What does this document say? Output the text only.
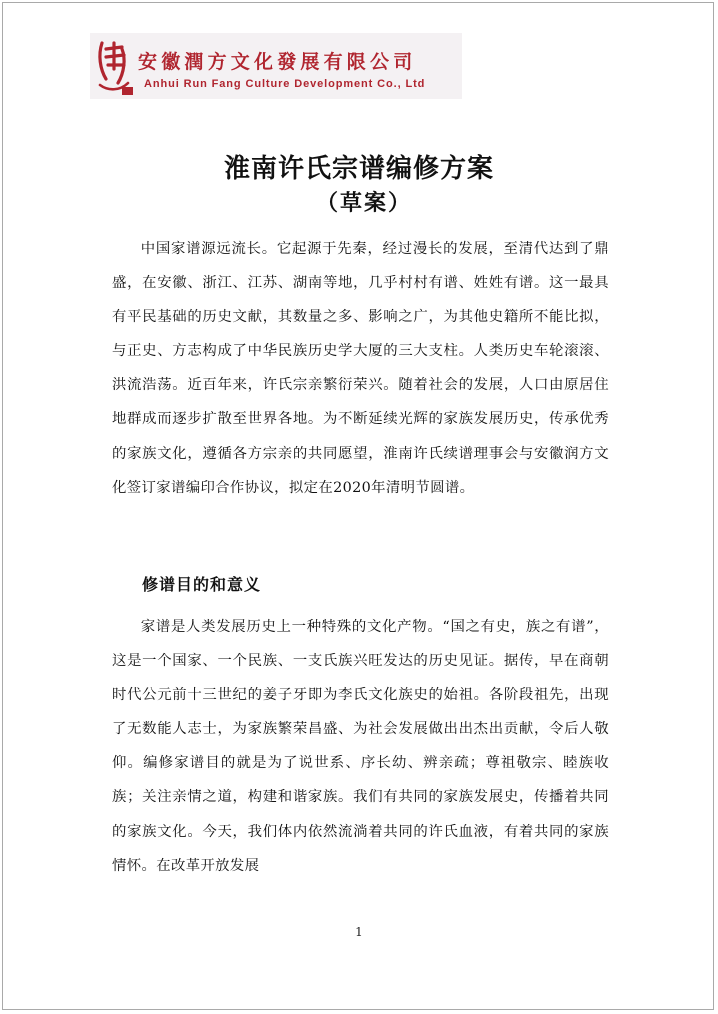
安徽潤方文化發展有限公司
Anhui Run Fang Culture Development Co., Ltd
淮南许氏宗谱编修方案
（草案）
中国家谱源远流长。它起源于先秦，经过漫长的发展，至清代达到了鼎盛，在安徽、浙江、江苏、湖南等地，几乎村村有谱、姓姓有谱。这一最具有平民基础的历史文献，其数量之多、影响之广，为其他史籍所不能比拟，与正史、方志构成了中华民族历史学大厦的三大支柱。人类历史车轮滚滚、洪流浩荡。近百年来，许氏宗亲繁衍荣兴。随着社会的发展，人口由原居住地群成而逐步扩散至世界各地。为不断延续光辉的家族发展历史，传承优秀的家族文化，遵循各方宗亲的共同愿望，淮南许氏续谱理事会与安徽润方文化签订家谱编印合作协议，拟定在2020年清明节圆谱。
修谱目的和意义
家谱是人类发展历史上一种特殊的文化产物。“国之有史，族之有谱”，这是一个国家、一个民族、一支氏族兴旺发达的历史见证。据传，早在商朝时代公元前十三世纪的姜子牙即为李氏文化族史的始祖。各阶段祖先，出现了无数能人志士，为家族繁荣昌盛、为社会发展做出出杰出贡献，令后人敬仰。编修家谱目的就是为了说世系、序长幼、辨亲疏；尊祖敬宗、睦族收族；关注亲情之道，构建和谐家族。我们有共同的家族发展史，传播着共同的家族文化。今天，我们体内依然流淌着共同的许氏血液，有着共同的家族情怀。在改革开放发展
1
